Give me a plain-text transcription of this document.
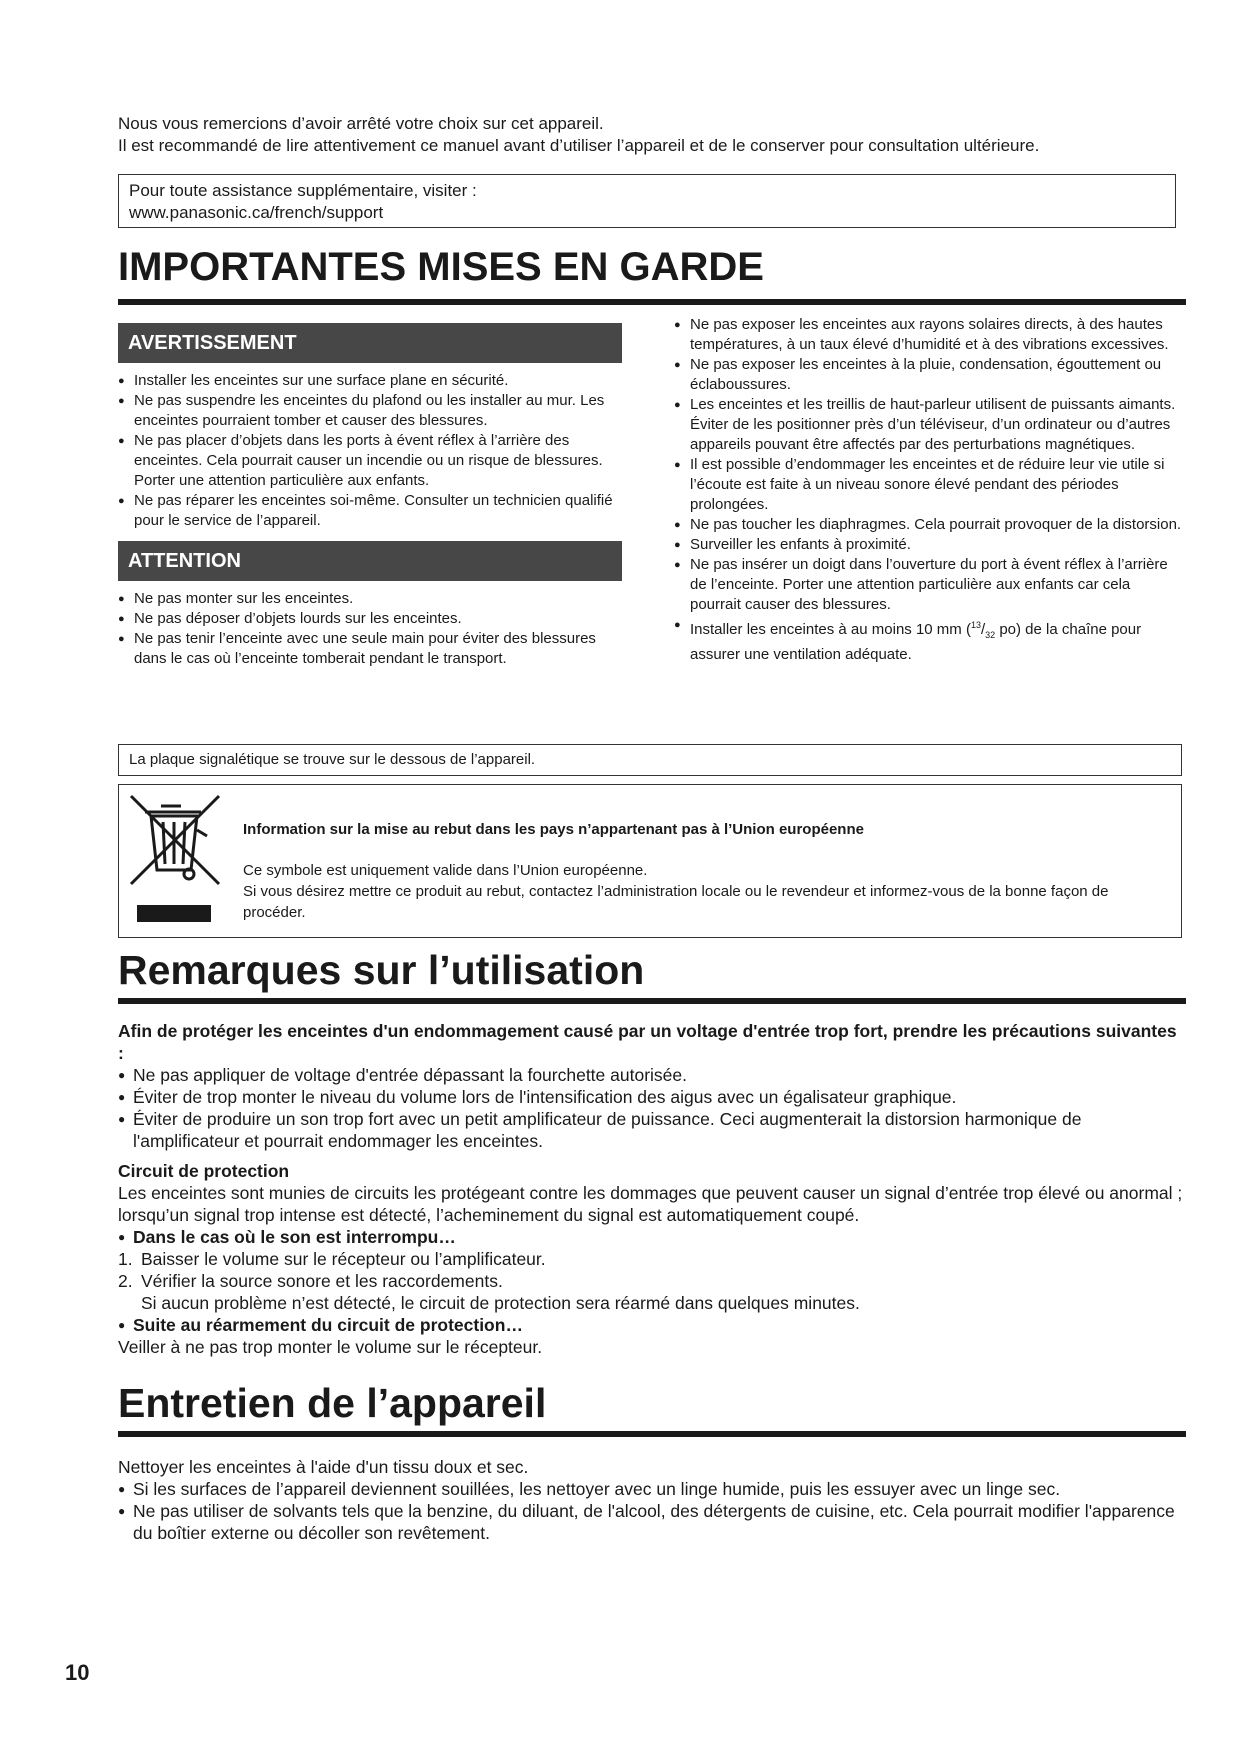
Nous vous remercions d’avoir arrêté votre choix sur cet appareil.

Il est recommandé de lire attentivement ce manuel avant d’utiliser l’appareil et de le conserver pour consultation ultérieure.

Pour toute assistance supplémentaire, visiter :

www.panasonic.ca/french/support

IMPORTANTES MISES EN GARDE
AVERTISSEMENT
● Installer les enceintes sur une surface plane en sécurité.
● Ne pas suspendre les enceintes du plafond ou les installer au mur. Les enceintes pourraient tomber et causer des blessures.
● Ne pas placer d’objets dans les ports à évent réflex à l’arrière des enceintes. Cela pourrait causer un incendie ou un risque de blessures. Porter une attention particulière aux enfants.
● Ne pas réparer les enceintes soi-même. Consulter un technicien qualifié pour le service de l’appareil.
ATTENTION
● Ne pas monter sur les enceintes.
● Ne pas déposer d’objets lourds sur les enceintes.
● Ne pas tenir l’enceinte avec une seule main pour éviter des blessures dans le cas où l’enceinte tomberait pendant le transport.
● Ne pas exposer les enceintes aux rayons solaires directs, à des hautes températures, à un taux élevé d’humidité et à des vibrations excessives.
● Ne pas exposer les enceintes à la pluie, condensation, égouttement ou éclaboussures.
● Les enceintes et les treillis de haut-parleur utilisent de puissants aimants. Éviter de les positionner près d’un téléviseur, d’un ordinateur ou d’autres appareils pouvant être affectés par des perturbations magnétiques.
● Il est possible d’endommager les enceintes et de réduire leur vie utile si l’écoute est faite à un niveau sonore élevé pendant des périodes prolongées.
● Ne pas toucher les diaphragmes. Cela pourrait provoquer de la distorsion.
● Surveiller les enfants à proximité.
● Ne pas insérer un doigt dans l’ouverture du port à évent réflex à l’arrière de l’enceinte. Porter une attention particulière aux enfants car cela pourrait causer des blessures.
● Installer les enceintes à au moins 10 mm ($^{13}/_{32}$ po) de la chaîne pour assurer une ventilation adéquate.
La plaque signalétique se trouve sur le dessous de l’appareil.

Information sur la mise au rebut dans les pays n’appartenant pas à l’Union européenne

Ce symbole est uniquement valide dans l’Union européenne.

Si vous désirez mettre ce produit au rebut, contactez l’administration locale ou le revendeur et informez-vous de la bonne façon de procéder.

Remarques sur l’utilisation
Afin de protéger les enceintes d'un endommagement causé par un voltage d'entrée trop fort, prendre les précautions suivantes :
● Ne pas appliquer de voltage d'entrée dépassant la fourchette autorisée.
● Éviter de trop monter le niveau du volume lors de l'intensification des aigus avec un égalisateur graphique.
● Éviter de produire un son trop fort avec un petit amplificateur de puissance. Ceci augmenterait la distorsion harmonique de l'amplificateur et pourrait endommager les enceintes.
Circuit de protection
Les enceintes sont munies de circuits les protégeant contre les dommages que peuvent causer un signal d’entrée trop élevé ou anormal ; lorsqu’un signal trop intense est détecté, l’acheminement du signal est automatiquement coupé.
● Dans le cas où le son est interrompu…
1. Baisser le volume sur le récepteur ou l’amplificateur.
2. Vérifier la source sonore et les raccordements.
Si aucun problème n’est détecté, le circuit de protection sera réarmé dans quelques minutes.
● Suite au réarmement du circuit de protection…
Veiller à ne pas trop monter le volume sur le récepteur.
Entretien de l’appareil
Nettoyer les enceintes à l'aide d'un tissu doux et sec.
● Si les surfaces de l’appareil deviennent souillées, les nettoyer avec un linge humide, puis les essuyer avec un linge sec.
● Ne pas utiliser de solvants tels que la benzine, du diluant, de l'alcool, des détergents de cuisine, etc. Cela pourrait modifier l'apparence du boîtier externe ou décoller son revêtement.
10
